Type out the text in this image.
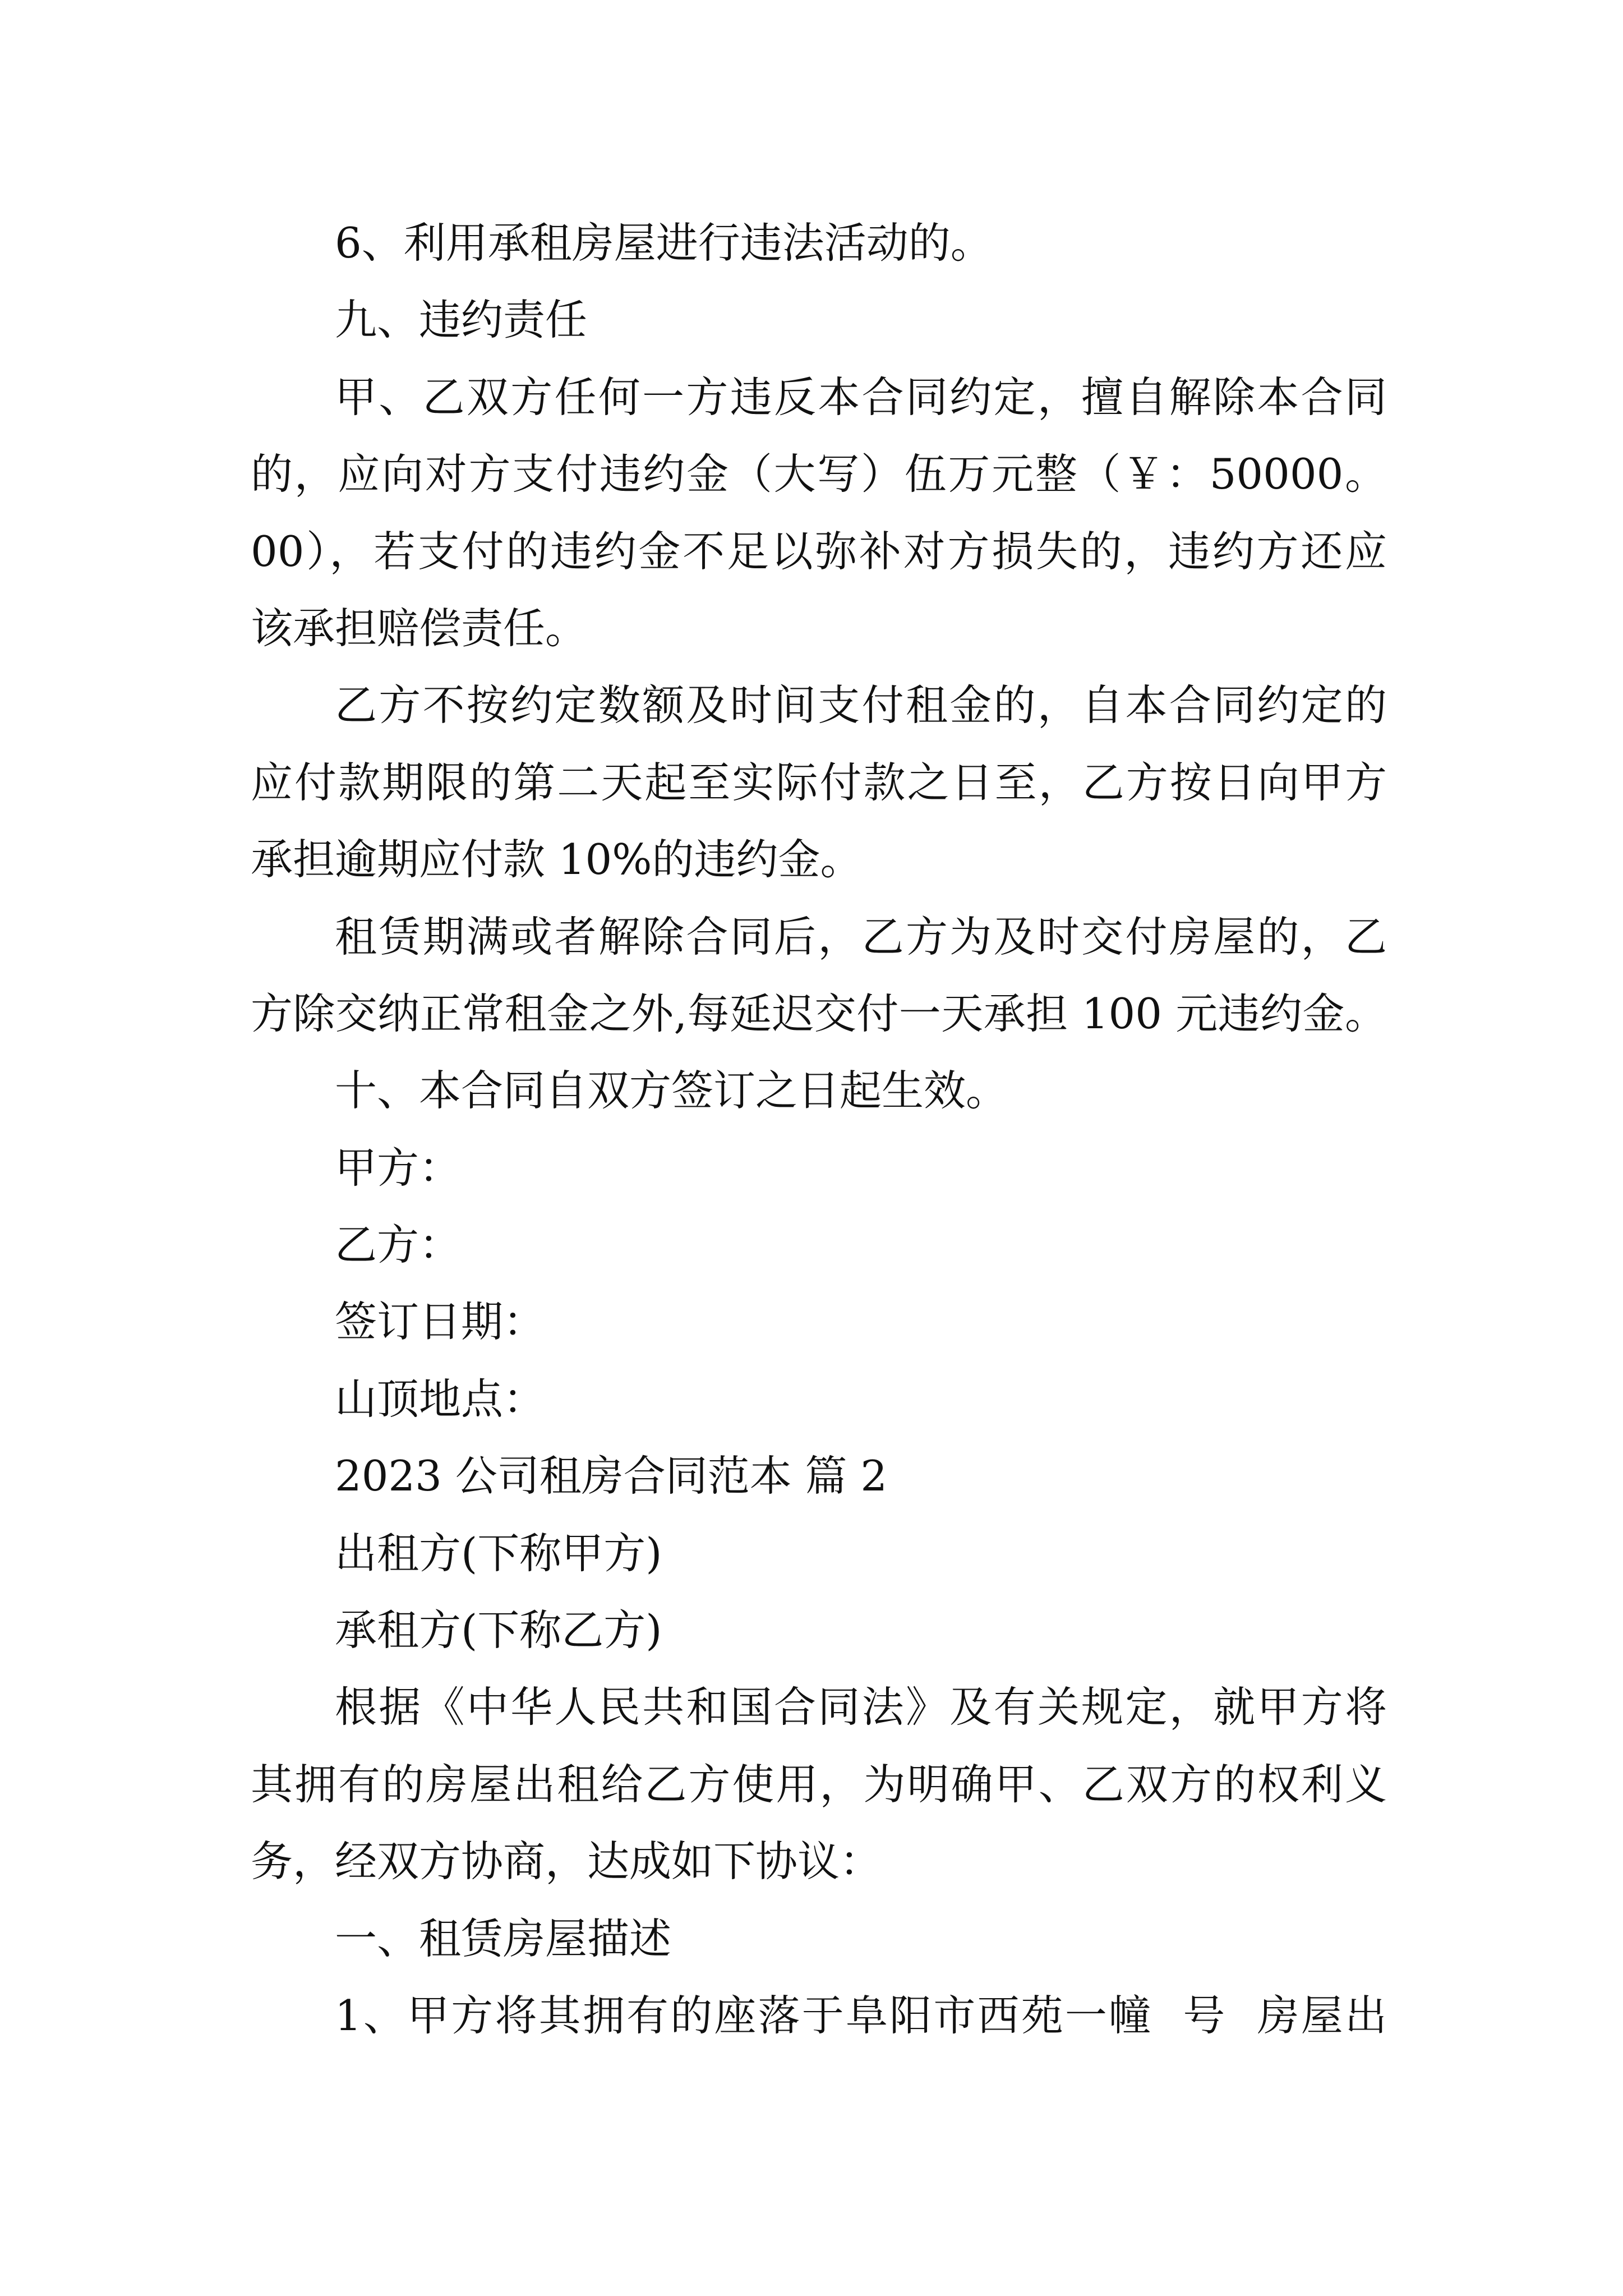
6、利用承租房屋进行违法活动的。
九、违约责任
甲、乙双方任何一方违反本合同约定，擅自解除本合同
的，应向对方支付违约金（大写）伍万元整（￥：50000。
00），若支付的违约金不足以弥补对方损失的，违约方还应
该承担赔偿责任。
乙方不按约定数额及时间支付租金的，自本合同约定的
应付款期限的第二天起至实际付款之日至，乙方按日向甲方
承担逾期应付款 10%的违约金。
租赁期满或者解除合同后，乙方为及时交付房屋的，乙
方除交纳正常租金之外,每延迟交付一天承担 100 元违约金。
十、本合同自双方签订之日起生效。
甲方：
乙方：
签订日期：
山顶地点：
2023 公司租房合同范本 篇 2
出租方(下称甲方)
承租方(下称乙方)
根据《中华人民共和国合同法》及有关规定，就甲方将
其拥有的房屋出租给乙方使用，为明确甲、乙双方的权利义
务，经双方协商，达成如下协议：
一、租赁房屋描述
1、甲方将其拥有的座落于阜阳市西苑一幢  号  房屋出
